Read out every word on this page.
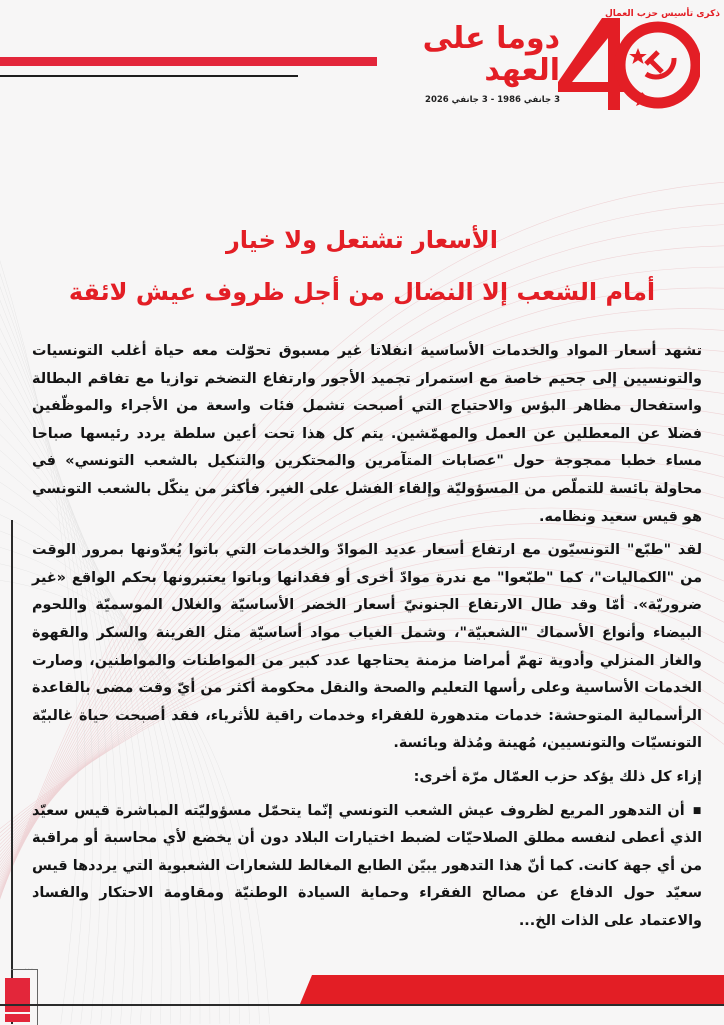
دوما على
العهد
3 جانفي 1986 - 3 جانفي 2026
ذكرى تأسيس حزب العمال
الأسعار تشتعل ولا خيار
أمام الشعب إلا النضال من أجل ظروف عيش لائقة

تشهد أسعار المواد والخدمات الأساسية انفلاتا غير مسبوق تحوّلت معه حياة أغلب التونسيات والتونسيين إلى جحيم خاصة مع استمرار تجميد الأجور وارتفاع التضخم توازيا مع تفاقم البطالة واستفحال مظاهر البؤس والاحتياج التي أصبحت تشمل فئات واسعة من الأجراء والموظّفين فضلا عن المعطلين عن العمل والمهمّشين. يتم كل هذا تحت أعين سلطة يردد رئيسها صباحا مساء خطبا ممجوجة حول "عصابات المتآمرين والمحتكرين والتنكيل بالشعب التونسي» في محاولة بائسة للتملّص من المسؤوليّة وإلقاء الفشل على الغير. فأكثر من ينكّل بالشعب التونسي هو قيس سعيد ونظامه.

لقد "طبّع" التونسيّون مع ارتفاع أسعار عديد الموادّ والخدمات التي باتوا يُعدّونها بمرور الوقت من "الكماليات"، كما "طبّعوا" مع ندرة موادّ أخرى أو فقدانها وباتوا يعتبرونها بحكم الواقع «غير ضروريّة». أمّا وقد طال الارتفاع الجنونيّ أسعار الخضر الأساسيّة والغلال الموسميّة واللحوم البيضاء وأنواع الأسماك "الشعبيّة"، وشمل الغياب مواد أساسيّة مثل الفرينة والسكر والقهوة والغاز المنزلي وأدوية تهمّ أمراضا مزمنة يحتاجها عدد كبير من المواطنات والمواطنين، وصارت الخدمات الأساسية وعلى رأسها التعليم والصحة والنقل محكومة أكثر من أيّ وقت مضى بالقاعدة الرأسمالية المتوحشة: خدمات متدهورة للفقراء وخدمات راقية للأثرياء، فقد أصبحت حياة غالبيّة التونسيّات والتونسيين، مُهينة ومُذلة وبائسة.

إزاء كل ذلك يؤكد حزب العمّال مرّة أخرى:

■ أن التدهور المريع لظروف عيش الشعب التونسي إنّما يتحمّل مسؤوليّته المباشرة قيس سعيّد الذي أعطى لنفسه مطلق الصلاحيّات لضبط اختيارات البلاد دون أن يخضع لأي محاسبة أو مراقبة من أي جهة كانت. كما أنّ هذا التدهور يبيّن الطابع المغالط للشعارات الشعبوية التي يرددها قيس سعيّد حول الدفاع عن مصالح الفقراء وحماية السيادة الوطنيّة ومقاومة الاحتكار والفساد والاعتماد على الذات الخ...

...
